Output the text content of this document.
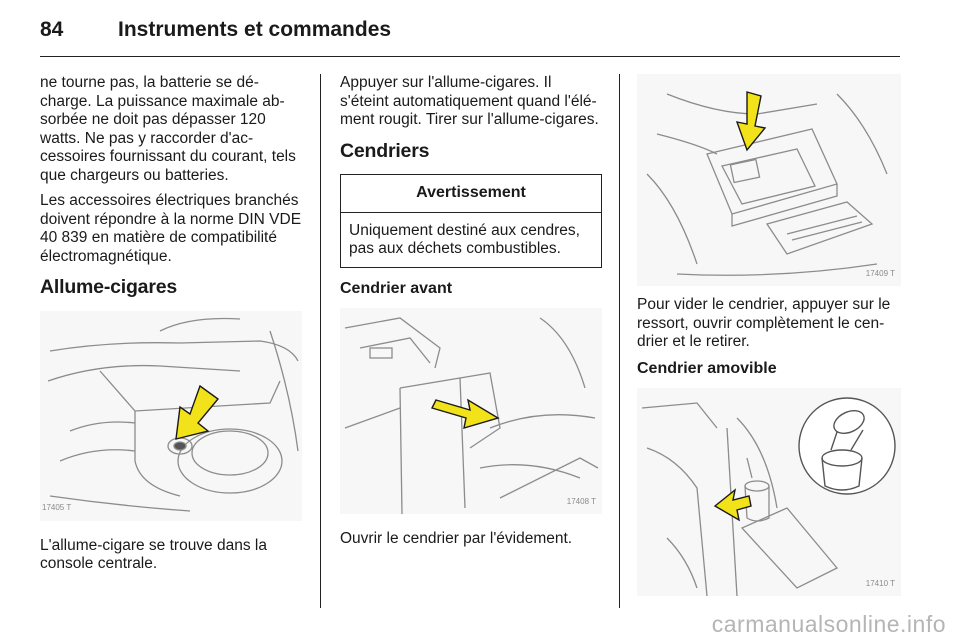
84	Instruments et commandes

ne tourne pas, la batterie se décharge. La puissance maximale absorbée ne doit pas dépasser 120 watts. Ne pas y raccorder d'accessoires fournissant du courant, tels que chargeurs ou batteries.

Les accessoires électriques branchés doivent répondre à la norme DIN VDE 40 839 en matière de compatibilité électromagnétique.

Allume-cigares
17405 T

L'allume-cigare se trouve dans la console centrale.

Appuyer sur l'allume-cigares. Il s'éteint automatiquement quand l'élément rougit. Tirer sur l'allume-cigares.

Cendriers
Avertissement
Uniquement destiné aux cendres, pas aux déchets combustibles.
Cendrier avant
17408 T

Ouvrir le cendrier par l'évidement.

17409 T

Pour vider le cendrier, appuyer sur le ressort, ouvrir complètement le cendrier et le retirer.

Cendrier amovible
17410 T
carmanualsonline.info
